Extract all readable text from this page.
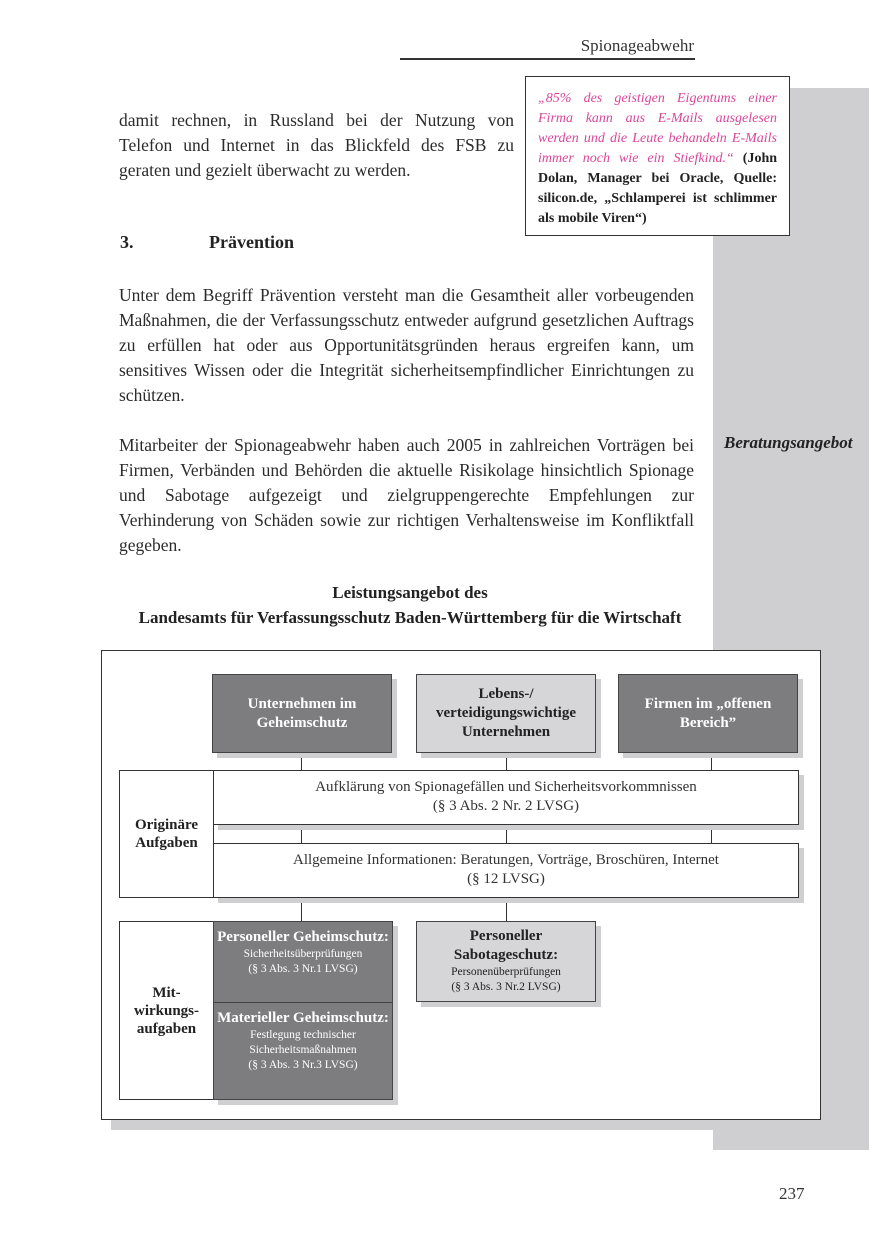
Spionageabwehr
„85% des geistigen Eigentums einer Firma kann aus E-Mails ausgelesen werden und die Leute behandeln E-Mails immer noch wie ein Stiefkind.“ (John Dolan, Manager bei Oracle, Quelle: silicon.de, „Schlamperei ist schlimmer als mobile Viren“)
damit rechnen, in Russland bei der Nutzung von Telefon und Internet in das Blickfeld des FSB zu geraten und gezielt überwacht zu werden.
3.	Prävention
Unter dem Begriff Prävention versteht man die Gesamtheit aller vorbeugenden Maßnahmen, die der Verfassungsschutz entweder aufgrund gesetzlichen Auftrags zu erfüllen hat oder aus Opportunitätsgründen heraus ergreifen kann, um sensitives Wissen oder die Integrität sicherheitsempfindlicher Einrichtungen zu schützen.
Mitarbeiter der Spionageabwehr haben auch 2005 in zahlreichen Vorträgen bei Firmen, Verbänden und Behörden die aktuelle Risikolage hinsichtlich Spionage und Sabotage aufgezeigt und zielgruppengerechte Empfehlungen zur Verhinderung von Schäden sowie zur richtigen Verhaltensweise im Konfliktfall gegeben.
Beratungsangebot
Leistungsangebot des
Landesamts für Verfassungsschutz Baden-Württemberg für die Wirtschaft
Unternehmen im Geheimschutz
Lebens-/ verteidigungswichtige Unternehmen
Firmen im „offenen Bereich”
Originäre Aufgaben
Aufklärung von Spionagefällen und Sicherheitsvorkommnissen
(§ 3 Abs. 2 Nr. 2 LVSG)
Allgemeine Informationen: Beratungen, Vorträge, Broschüren, Internet
(§ 12 LVSG)
Mit-wirkungs-aufgaben
Personeller Geheimschutz:
Sicherheitsüberprüfungen
(§ 3 Abs. 3 Nr.1 LVSG)
Personeller Sabotageschutz:
Personenüberprüfungen
(§ 3 Abs. 3 Nr.2 LVSG)
Materieller Geheimschutz:
Festlegung technischer Sicherheitsmaßnahmen
(§ 3 Abs. 3 Nr.3 LVSG)
237
